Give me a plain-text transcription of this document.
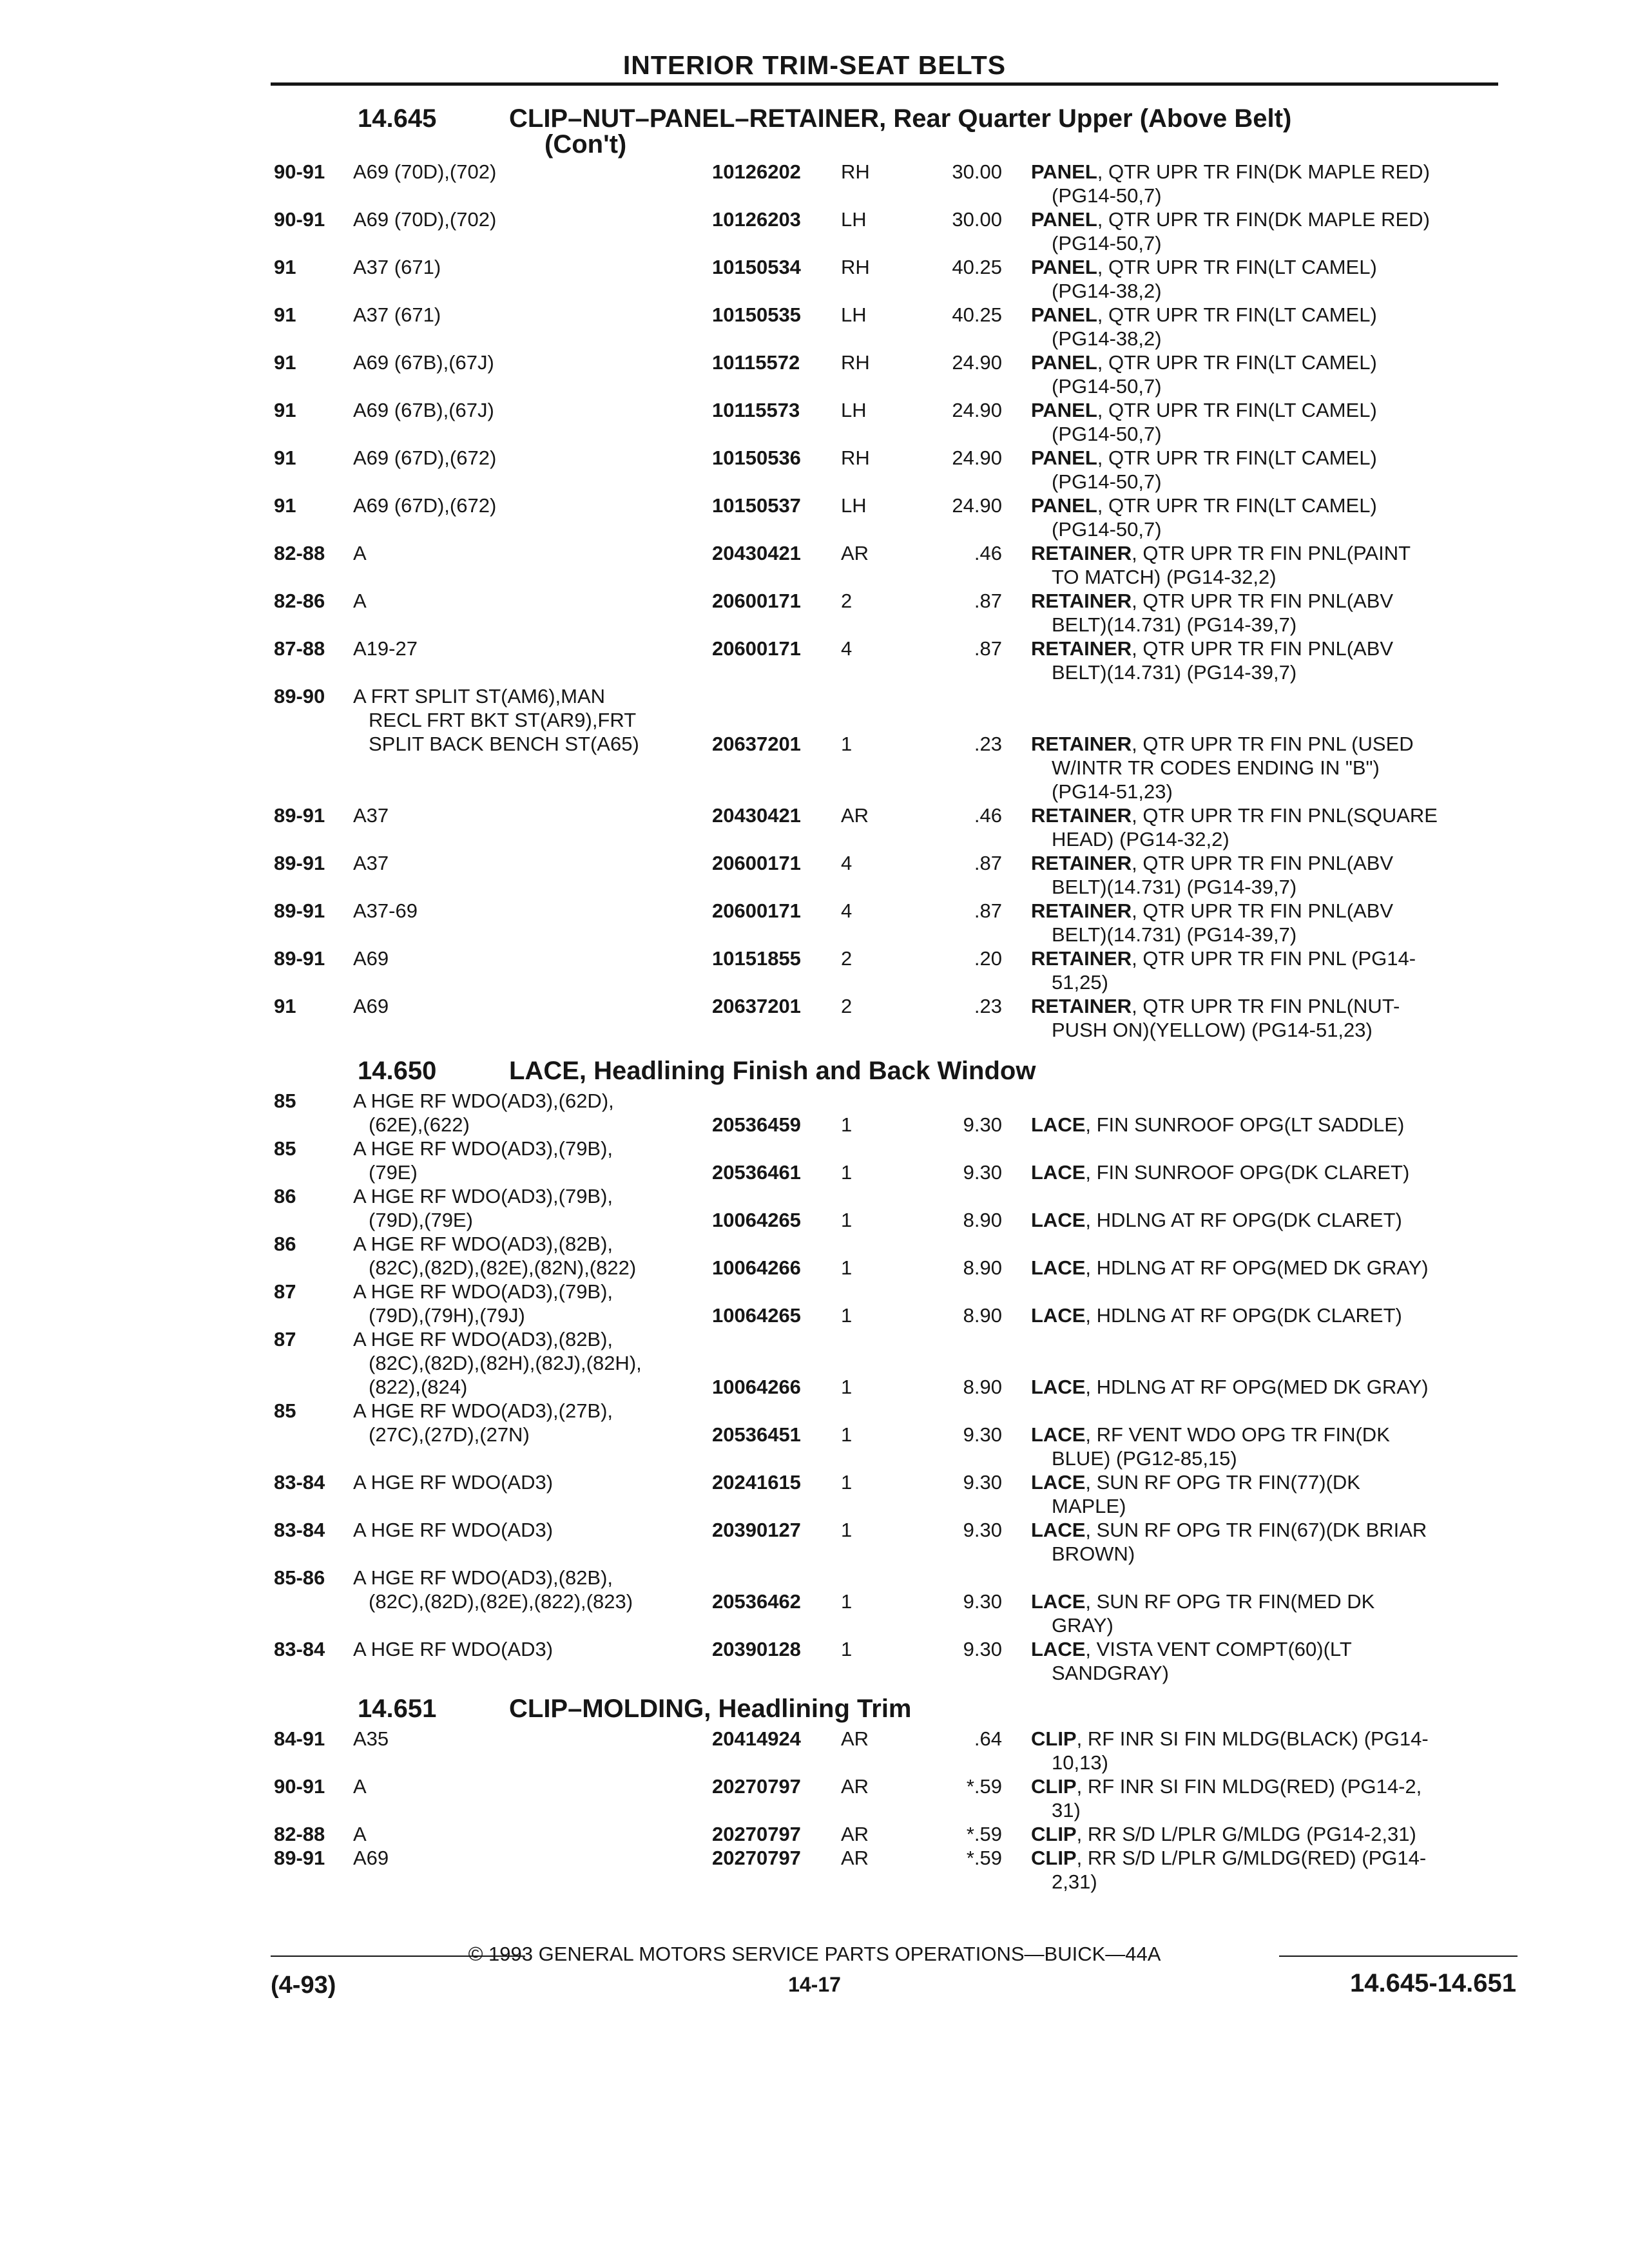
INTERIOR TRIM-SEAT BELTS
14.645	CLIP–NUT–PANEL–RETAINER, Rear Quarter Upper (Above Belt)
(Con't)
90-91 A69 (70D),(702)	10126202 RH	30.00 PANEL, QTR UPR TR FIN(DK MAPLE RED)
(PG14-50,7)
90-91 A69 (70D),(702)	10126203 LH	30.00 PANEL, QTR UPR TR FIN(DK MAPLE RED)
(PG14-50,7)
91	A37 (671)	10150534 RH	40.25 PANEL, QTR UPR TR FIN(LT CAMEL)
(PG14-38,2)
91	A37 (671)	10150535 LH	40.25 PANEL, QTR UPR TR FIN(LT CAMEL)
(PG14-38,2)
91	A69 (67B),(67J)	10115572 RH	24.90 PANEL, QTR UPR TR FIN(LT CAMEL)
(PG14-50,7)
91	A69 (67B),(67J)	10115573 LH	24.90 PANEL, QTR UPR TR FIN(LT CAMEL)
(PG14-50,7)
91	A69 (67D),(672)	10150536 RH	24.90 PANEL, QTR UPR TR FIN(LT CAMEL)
(PG14-50,7)
91	A69 (67D),(672)	10150537 LH	24.90 PANEL, QTR UPR TR FIN(LT CAMEL)
(PG14-50,7)
82-88 A	20430421 AR	.46 RETAINER, QTR UPR TR FIN PNL(PAINT
TO MATCH) (PG14-32,2)
82-86 A	20600171 2	.87 RETAINER, QTR UPR TR FIN PNL(ABV
BELT)(14.731) (PG14-39,7)
87-88 A19-27	20600171 4	.87 RETAINER, QTR UPR TR FIN PNL(ABV
BELT)(14.731) (PG14-39,7)
89-90 A FRT SPLIT ST(AM6),MAN
RECL FRT BKT ST(AR9),FRT
SPLIT BACK BENCH ST(A65)	20637201 1	.23 RETAINER, QTR UPR TR FIN PNL (USED
W/INTR TR CODES ENDING IN "B")
(PG14-51,23)
89-91 A37	20430421 AR	.46 RETAINER, QTR UPR TR FIN PNL(SQUARE
HEAD) (PG14-32,2)
89-91 A37	20600171 4	.87 RETAINER, QTR UPR TR FIN PNL(ABV
BELT)(14.731) (PG14-39,7)
89-91 A37-69	20600171 4	.87 RETAINER, QTR UPR TR FIN PNL(ABV
BELT)(14.731) (PG14-39,7)
89-91 A69	10151855 2	.20 RETAINER, QTR UPR TR FIN PNL (PG14-
51,25)
91	A69	20637201 2	.23 RETAINER, QTR UPR TR FIN PNL(NUT-
PUSH ON)(YELLOW) (PG14-51,23)
14.650	LACE, Headlining Finish and Back Window
85	A HGE RF WDO(AD3),(62D),
(62E),(622)	20536459 1	9.30 LACE, FIN SUNROOF OPG(LT SADDLE)
85	A HGE RF WDO(AD3),(79B),
(79E)	20536461 1	9.30 LACE, FIN SUNROOF OPG(DK CLARET)
86	A HGE RF WDO(AD3),(79B),
(79D),(79E)	10064265 1	8.90 LACE, HDLNG AT RF OPG(DK CLARET)
86	A HGE RF WDO(AD3),(82B),
(82C),(82D),(82E),(82N),(822)	10064266 1	8.90 LACE, HDLNG AT RF OPG(MED DK GRAY)
87	A HGE RF WDO(AD3),(79B),
(79D),(79H),(79J)	10064265 1	8.90 LACE, HDLNG AT RF OPG(DK CLARET)
87	A HGE RF WDO(AD3),(82B),
(82C),(82D),(82H),(82J),(82H),
(822),(824)	10064266 1	8.90 LACE, HDLNG AT RF OPG(MED DK GRAY)
85	A HGE RF WDO(AD3),(27B),
(27C),(27D),(27N)	20536451 1	9.30 LACE, RF VENT WDO OPG TR FIN(DK
BLUE) (PG12-85,15)
83-84 A HGE RF WDO(AD3)	20241615 1	9.30 LACE, SUN RF OPG TR FIN(77)(DK
MAPLE)
83-84 A HGE RF WDO(AD3)	20390127 1	9.30 LACE, SUN RF OPG TR FIN(67)(DK BRIAR
BROWN)
85-86 A HGE RF WDO(AD3),(82B),
(82C),(82D),(82E),(822),(823)	20536462 1	9.30 LACE, SUN RF OPG TR FIN(MED DK
GRAY)
83-84 A HGE RF WDO(AD3)	20390128 1	9.30 LACE, VISTA VENT COMPT(60)(LT
SANDGRAY)
14.651	CLIP–MOLDING, Headlining Trim
84-91 A35	20414924 AR	.64 CLIP, RF INR SI FIN MLDG(BLACK) (PG14-
10,13)
90-91 A	20270797 AR	*.59 CLIP, RF INR SI FIN MLDG(RED) (PG14-2,
31)
82-88 A	20270797 AR	*.59 CLIP, RR S/D L/PLR G/MLDG (PG14-2,31)
89-91 A69	20270797 AR	*.59 CLIP, RR S/D L/PLR G/MLDG(RED) (PG14-
2,31)
© 1993 GENERAL MOTORS SERVICE PARTS OPERATIONS—BUICK—44A
(4-93)	14-17	14.645-14.651
